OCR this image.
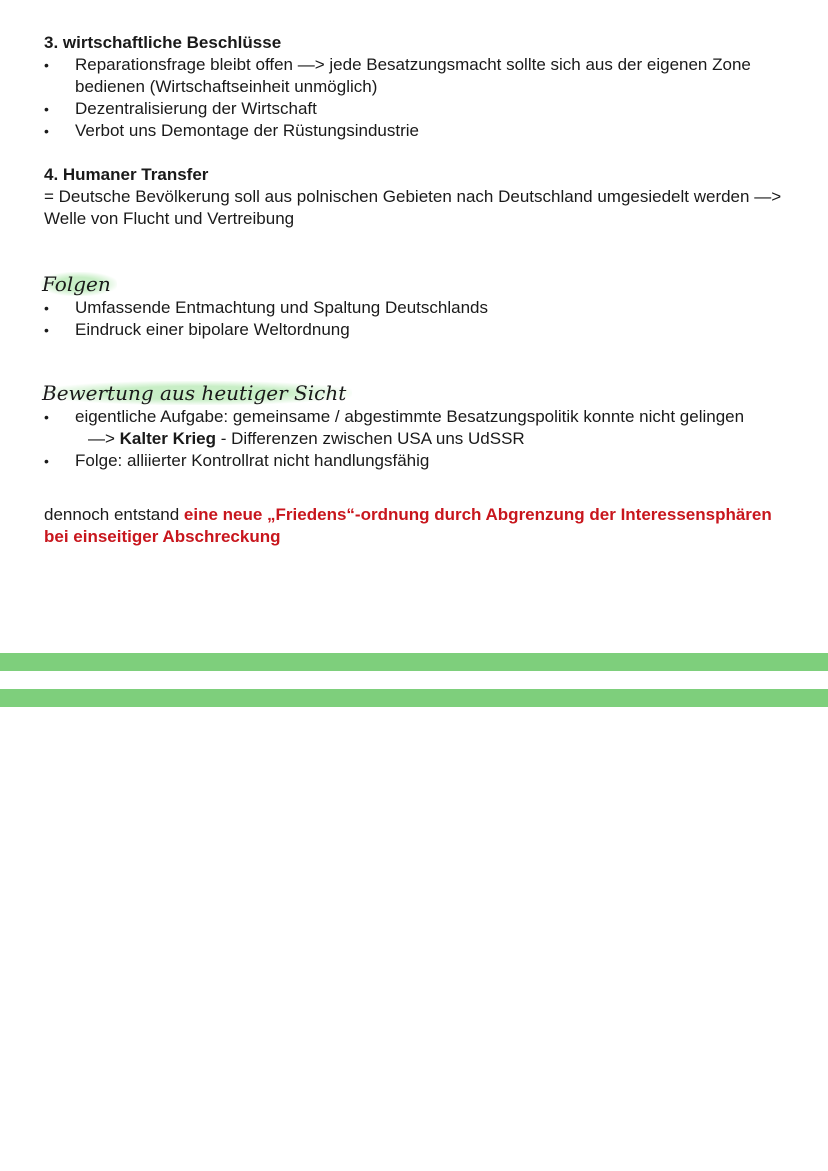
3. wirtschaftliche Beschlüsse

• Reparationsfrage bleibt offen —> jede Besatzungsmacht sollte sich aus der eigenen Zone bedienen (Wirtschaftseinheit unmöglich)
• Dezentralisierung der Wirtschaft
• Verbot uns Demontage der Rüstungsindustrie

4. Humaner Transfer

= Deutsche Bevölkerung soll aus polnischen Gebieten nach Deutschland umgesiedelt werden —> Welle von Flucht und Vertreibung

Folgen
• Umfassende Entmachtung und Spaltung Deutschlands
• Eindruck einer bipolare Weltordnung
Bewertung aus heutiger Sicht
• eigentliche Aufgabe: gemeinsame / abgestimmte Besatzungspolitik konnte nicht gelingen
—> Kalter Krieg - Differenzen zwischen USA uns UdSSR
• Folge: alliierter Kontrollrat nicht handlungsfähig

dennoch entstand eine neue „Friedens“-ordnung durch Abgrenzung der Interessensphären bei einseitiger Abschreckung
